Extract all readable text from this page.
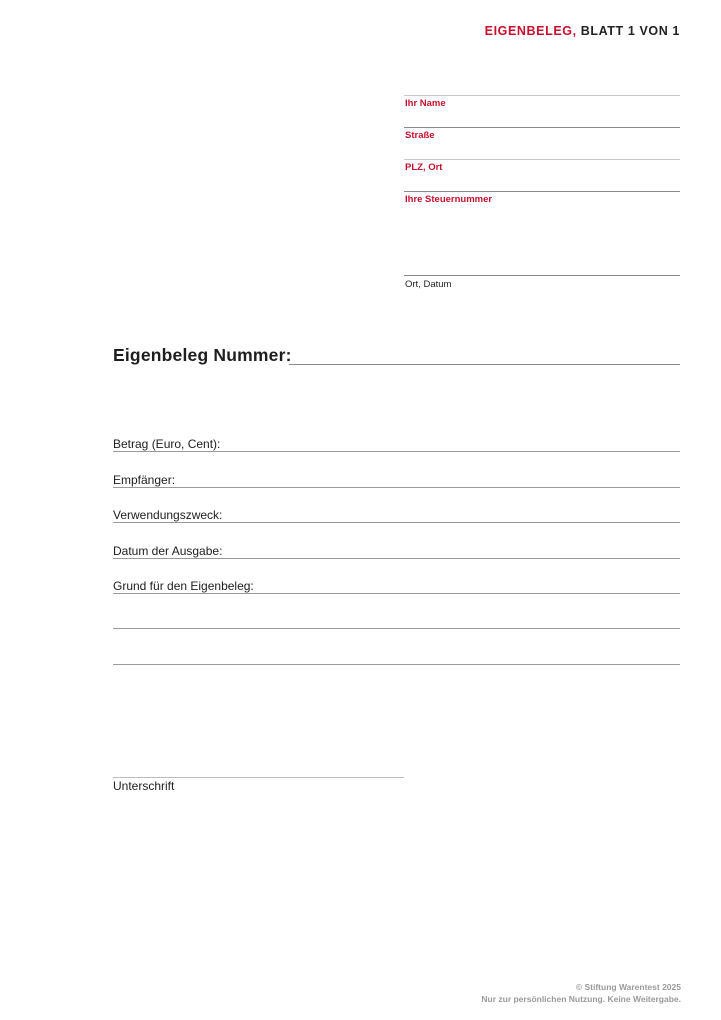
EIGENBELEG, BLATT 1 VON 1
Ihr Name
Straße
PLZ, Ort
Ihre Steuernummer
Ort, Datum
Eigenbeleg Nummer:
Betrag (Euro, Cent):
Empfänger:
Verwendungszweck:
Datum der Ausgabe:
Grund für den Eigenbeleg:
Unterschrift
© Stiftung Warentest 2025
Nur zur persönlichen Nutzung. Keine Weitergabe.
